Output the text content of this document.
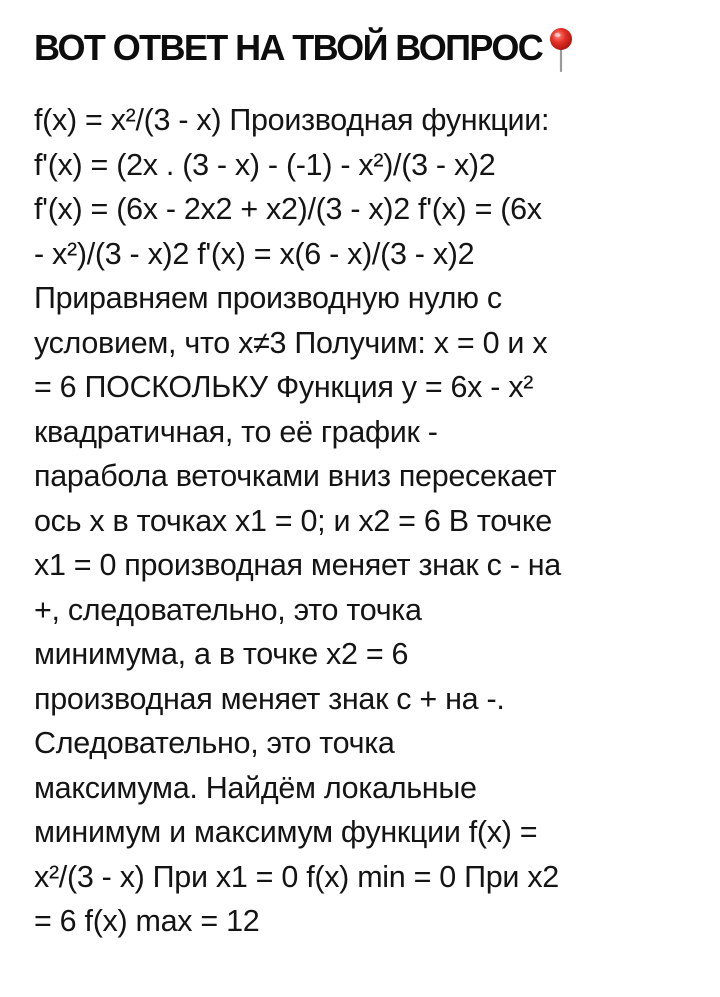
ВОТ ОТВЕТ НА ТВОЙ ВОПРОС
f(x) = x²/(3 - x) Производная функции:
f'(x) = (2x . (3 - x) - (-1) - x²)/(3 - x)2
f'(x) = (6x - 2x2 + x2)/(3 - x)2 f'(x) = (6x
- x²)/(3 - x)2 f'(x) = x(6 - x)/(3 - x)2
Приравняем производную нулю с
условием, что x≠3 Получим: x = 0 и x
= 6 ПОСКОЛЬКУ Функция y = 6x - x²
квадратичная, то её график -
парабола веточками вниз пересекает
ось x в точках x1 = 0; и x2 = 6 В точке
x1 = 0 производная меняет знак с - на
+, следовательно, это точка
минимума, а в точке x2 = 6
производная меняет знак с + на -.
Следовательно, это точка
максимума. Найдём локальные
минимум и максимум функции f(x) =
x²/(3 - x) При x1 = 0 f(x) min = 0 При x2
= 6 f(x) max = 12
